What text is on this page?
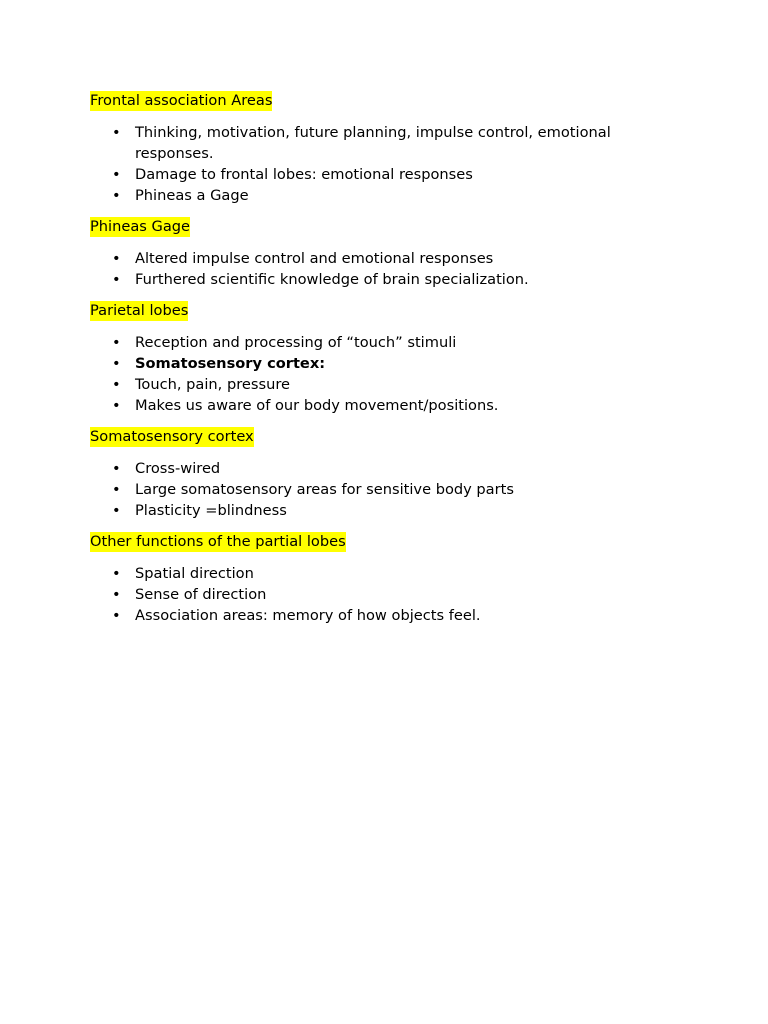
Frontal association Areas
• Thinking, motivation, future planning, impulse control, emotional responses.
• Damage to frontal lobes: emotional responses
• Phineas a Gage
Phineas Gage
• Altered impulse control and emotional responses
• Furthered scientific knowledge of brain specialization.
Parietal lobes
• Reception and processing of “touch” stimuli
• Somatosensory cortex:
• Touch, pain, pressure
• Makes us aware of our body movement/positions.
Somatosensory cortex
• Cross-wired
• Large somatosensory areas for sensitive body parts
• Plasticity =blindness
Other functions of the partial lobes
• Spatial direction
• Sense of direction
• Association areas: memory of how objects feel.
